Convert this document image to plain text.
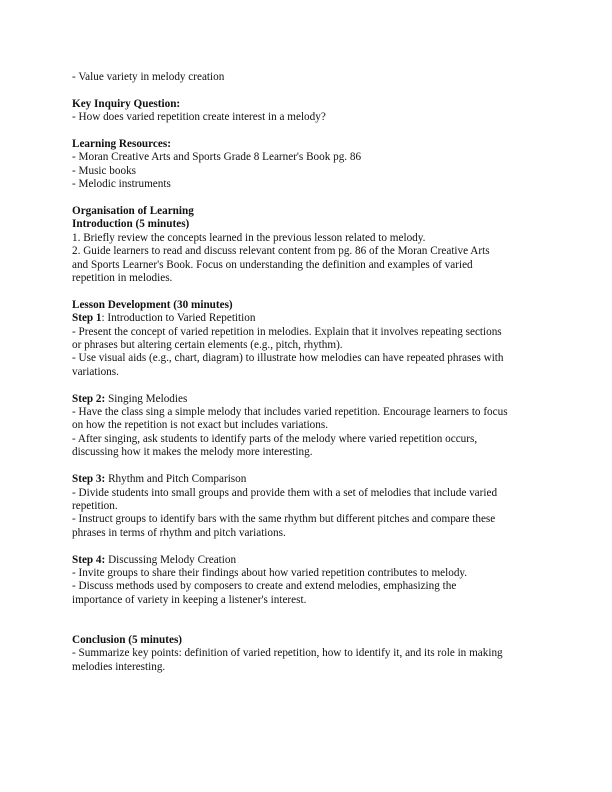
- Value variety in melody creation
Key Inquiry Question:
- How does varied repetition create interest in a melody?
Learning Resources:
- Moran Creative Arts and Sports Grade 8 Learner's Book pg. 86
- Music books
- Melodic instruments
Organisation of Learning
Introduction (5 minutes)
1. Briefly review the concepts learned in the previous lesson related to melody.
2. Guide learners to read and discuss relevant content from pg. 86 of the Moran Creative Arts
and Sports Learner's Book. Focus on understanding the definition and examples of varied
repetition in melodies.
Lesson Development (30 minutes)
Step 1: Introduction to Varied Repetition
- Present the concept of varied repetition in melodies. Explain that it involves repeating sections
or phrases but altering certain elements (e.g., pitch, rhythm).
- Use visual aids (e.g., chart, diagram) to illustrate how melodies can have repeated phrases with
variations.
Step 2: Singing Melodies
- Have the class sing a simple melody that includes varied repetition. Encourage learners to focus
on how the repetition is not exact but includes variations.
- After singing, ask students to identify parts of the melody where varied repetition occurs,
discussing how it makes the melody more interesting.
Step 3: Rhythm and Pitch Comparison
- Divide students into small groups and provide them with a set of melodies that include varied
repetition.
- Instruct groups to identify bars with the same rhythm but different pitches and compare these
phrases in terms of rhythm and pitch variations.
Step 4: Discussing Melody Creation
- Invite groups to share their findings about how varied repetition contributes to melody.
- Discuss methods used by composers to create and extend melodies, emphasizing the
importance of variety in keeping a listener's interest.
Conclusion (5 minutes)
- Summarize key points: definition of varied repetition, how to identify it, and its role in making
melodies interesting.
